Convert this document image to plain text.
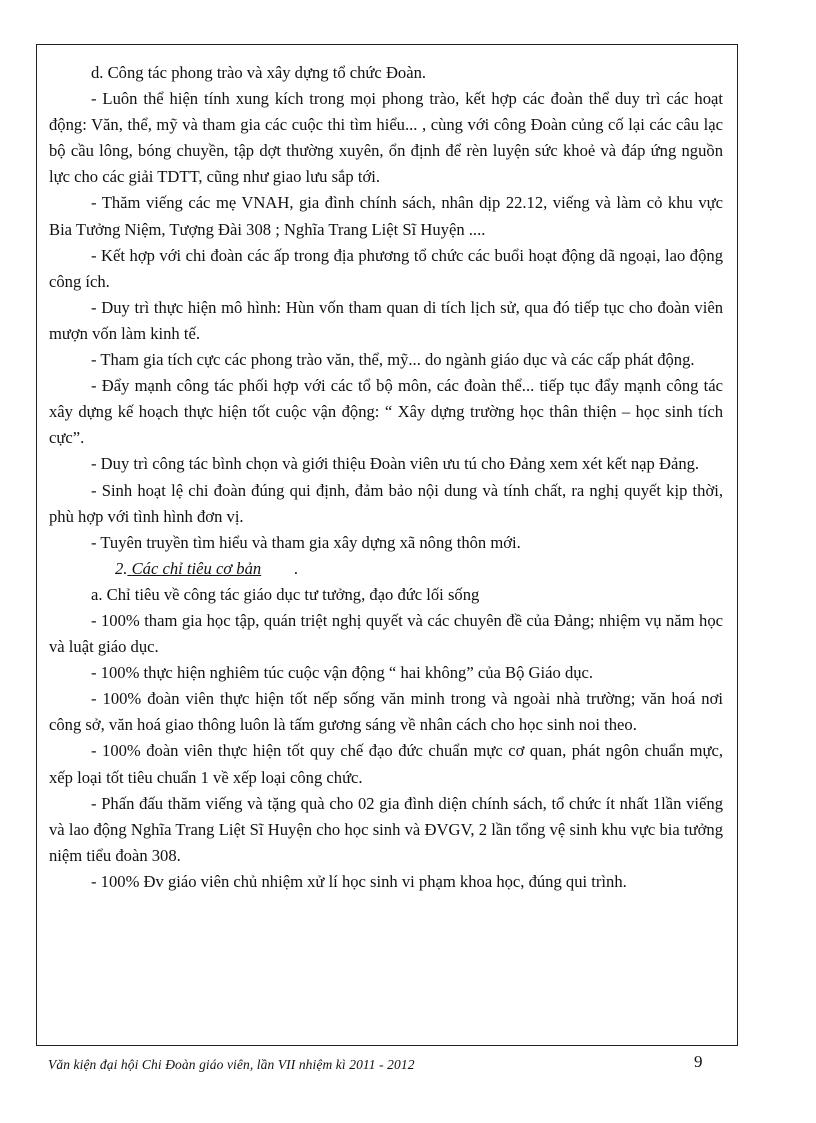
d. Công tác phong trào và xây dựng tổ chức Đoàn.

- Luôn thể hiện tính xung kích trong mọi phong trào, kết hợp các đoàn thể duy trì các hoạt động: Văn, thể, mỹ và tham gia các cuộc thi tìm hiểu... , cùng với công Đoàn củng cố lại các câu lạc bộ cầu lông, bóng chuyền, tập dợt thường xuyên, ổn định để rèn luyện sức khoẻ và đáp ứng nguồn lực cho các giải TDTT, cũng như giao lưu sắp tới.

- Thăm viếng các mẹ VNAH, gia đình chính sách, nhân dịp 22.12, viếng và làm cỏ khu vực Bia Tưởng Niệm, Tượng Đài 308 ; Nghĩa Trang Liệt Sĩ Huyện ....

- Kết hợp với chi đoàn các ấp trong địa phương tổ chức các buổi hoạt động dã ngoại, lao động công ích.

- Duy trì thực hiện mô hình: Hùn vốn tham quan di tích lịch sử, qua đó tiếp tục cho đoàn viên mượn vốn làm kinh tế.

- Tham gia tích cực các phong trào văn, thể, mỹ... do ngành giáo dục và các cấp phát động.

- Đẩy mạnh công tác phối hợp với các tổ bộ môn, các đoàn thể... tiếp tục đẩy mạnh công tác xây dựng kế hoạch thực hiện tốt cuộc vận động: “ Xây dựng trường học thân thiện – học sinh tích cực”.

- Duy trì công tác bình chọn và giới thiệu Đoàn viên ưu tú cho Đảng xem xét kết nạp Đảng.

- Sinh hoạt lệ chi đoàn đúng qui định, đảm bảo nội dung và tính chất, ra nghị quyết kịp thời, phù hợp với tình hình đơn vị.

- Tuyên truyền tìm hiểu và tham gia xây dựng xã nông thôn mới.

2. Các chỉ tiêu cơ bản .

a. Chỉ tiêu về công tác giáo dục tư tưởng, đạo đức lối sống

- 100% tham gia học tập, quán triệt nghị quyết và các chuyên đề của Đảng; nhiệm vụ năm học và luật giáo dục.

- 100% thực hiện nghiêm túc cuộc vận động “ hai không” của Bộ Giáo dục.

- 100% đoàn viên thực hiện tốt nếp sống văn minh trong và ngoài nhà trường; văn hoá nơi công sở, văn hoá giao thông luôn là tấm gương sáng về nhân cách cho học sinh noi theo.

- 100% đoàn viên thực hiện tốt quy chế đạo đức chuẩn mực cơ quan, phát ngôn chuẩn mực, xếp loại tốt tiêu chuẩn 1 về xếp loại công chức.

- Phấn đấu thăm viếng và tặng quà cho 02 gia đình diện chính sách, tổ chức ít nhất 1lần viếng và lao động Nghĩa Trang Liệt Sĩ Huyện cho học sinh và ĐVGV, 2 lần tổng vệ sinh khu vực bia tưởng niệm tiểu đoàn 308.

- 100% Đv giáo viên chủ nhiệm xử lí học sinh vi phạm khoa học, đúng qui trình.

Văn kiện đại hội Chi Đoàn giáo viên, lần VII nhiệm kì 2011 - 2012	9
